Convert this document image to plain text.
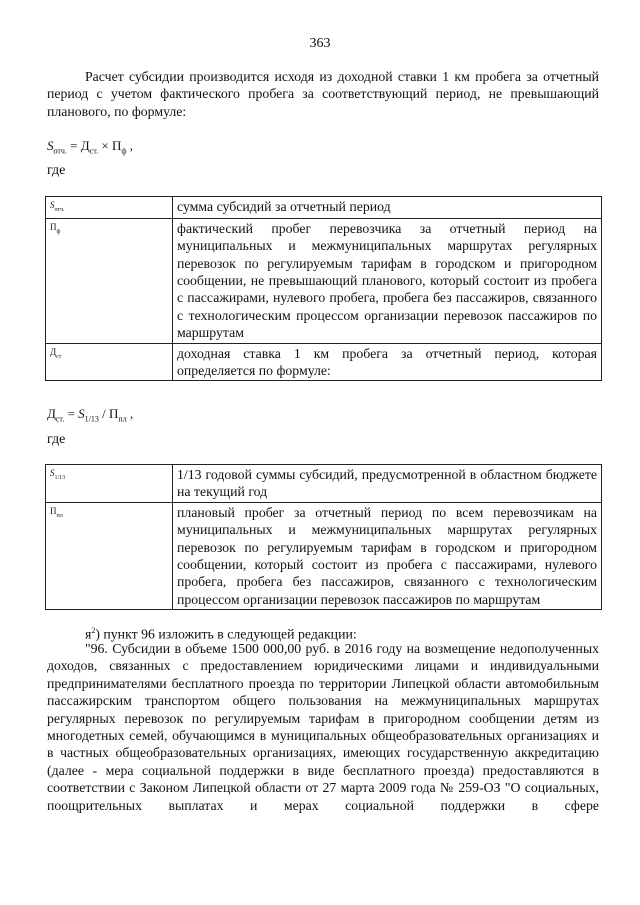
363
Расчет субсидии производится исходя из доходной ставки 1 км пробега за отчетный период с учетом фактического пробега за соответствующий период, не превышающий планового, по формуле:
$S_{отч.} = Д_{ст.} \times П_ф$ ,
где
$S_{отч.}$	сумма субсидий за отчетный период
$П_ф$	фактический пробег перевозчика за отчетный период на муниципальных и межмуниципальных маршрутах регулярных перевозок по регулируемым тарифам в городском и пригородном сообщении, не превышающий планового, который состоит из пробега с пассажирами, нулевого пробега, пробега без пассажиров, связанного с технологическим процессом организации перевозок пассажиров по маршрутам
$Д_{ст}$	доходная ставка 1 км пробега за отчетный период, которая определяется по формуле:
$Д_{ст.} = S_{1/13} / П_{пл}$ ,
где
$S_{1/13}$	1/13 годовой суммы субсидий, предусмотренной в областном бюджете на текущий год
$П_{пл}$	плановый пробег за отчетный период по всем перевозчикам на муниципальных и межмуниципальных маршрутах регулярных перевозок по регулируемым тарифам в городском и пригородном сообщении, который состоит из пробега с пассажирами, нулевого пробега, пробега без пассажиров, связанного с технологическим процессом организации перевозок пассажиров по маршрутам
$я^2$) пункт 96 изложить в следующей редакции:
"96. Субсидии в объеме 1500 000,00 руб. в 2016 году на возмещение недополученных доходов, связанных с предоставлением юридическими лицами и индивидуальными предпринимателями бесплатного проезда по территории Липецкой области автомобильным пассажирским транспортом общего пользования на межмуниципальных маршрутах регулярных перевозок по регулируемым тарифам в пригородном сообщении детям из многодетных семей, обучающимся в муниципальных общеобразовательных организациях и в частных общеобразовательных организациях, имеющих государственную аккредитацию (далее - мера социальной поддержки в виде бесплатного проезда) предоставляются в соответствии с Законом Липецкой области от 27 марта 2009 года № 259-ОЗ "О социальных, поощрительных выплатах и мерах социальной поддержки в сфере
